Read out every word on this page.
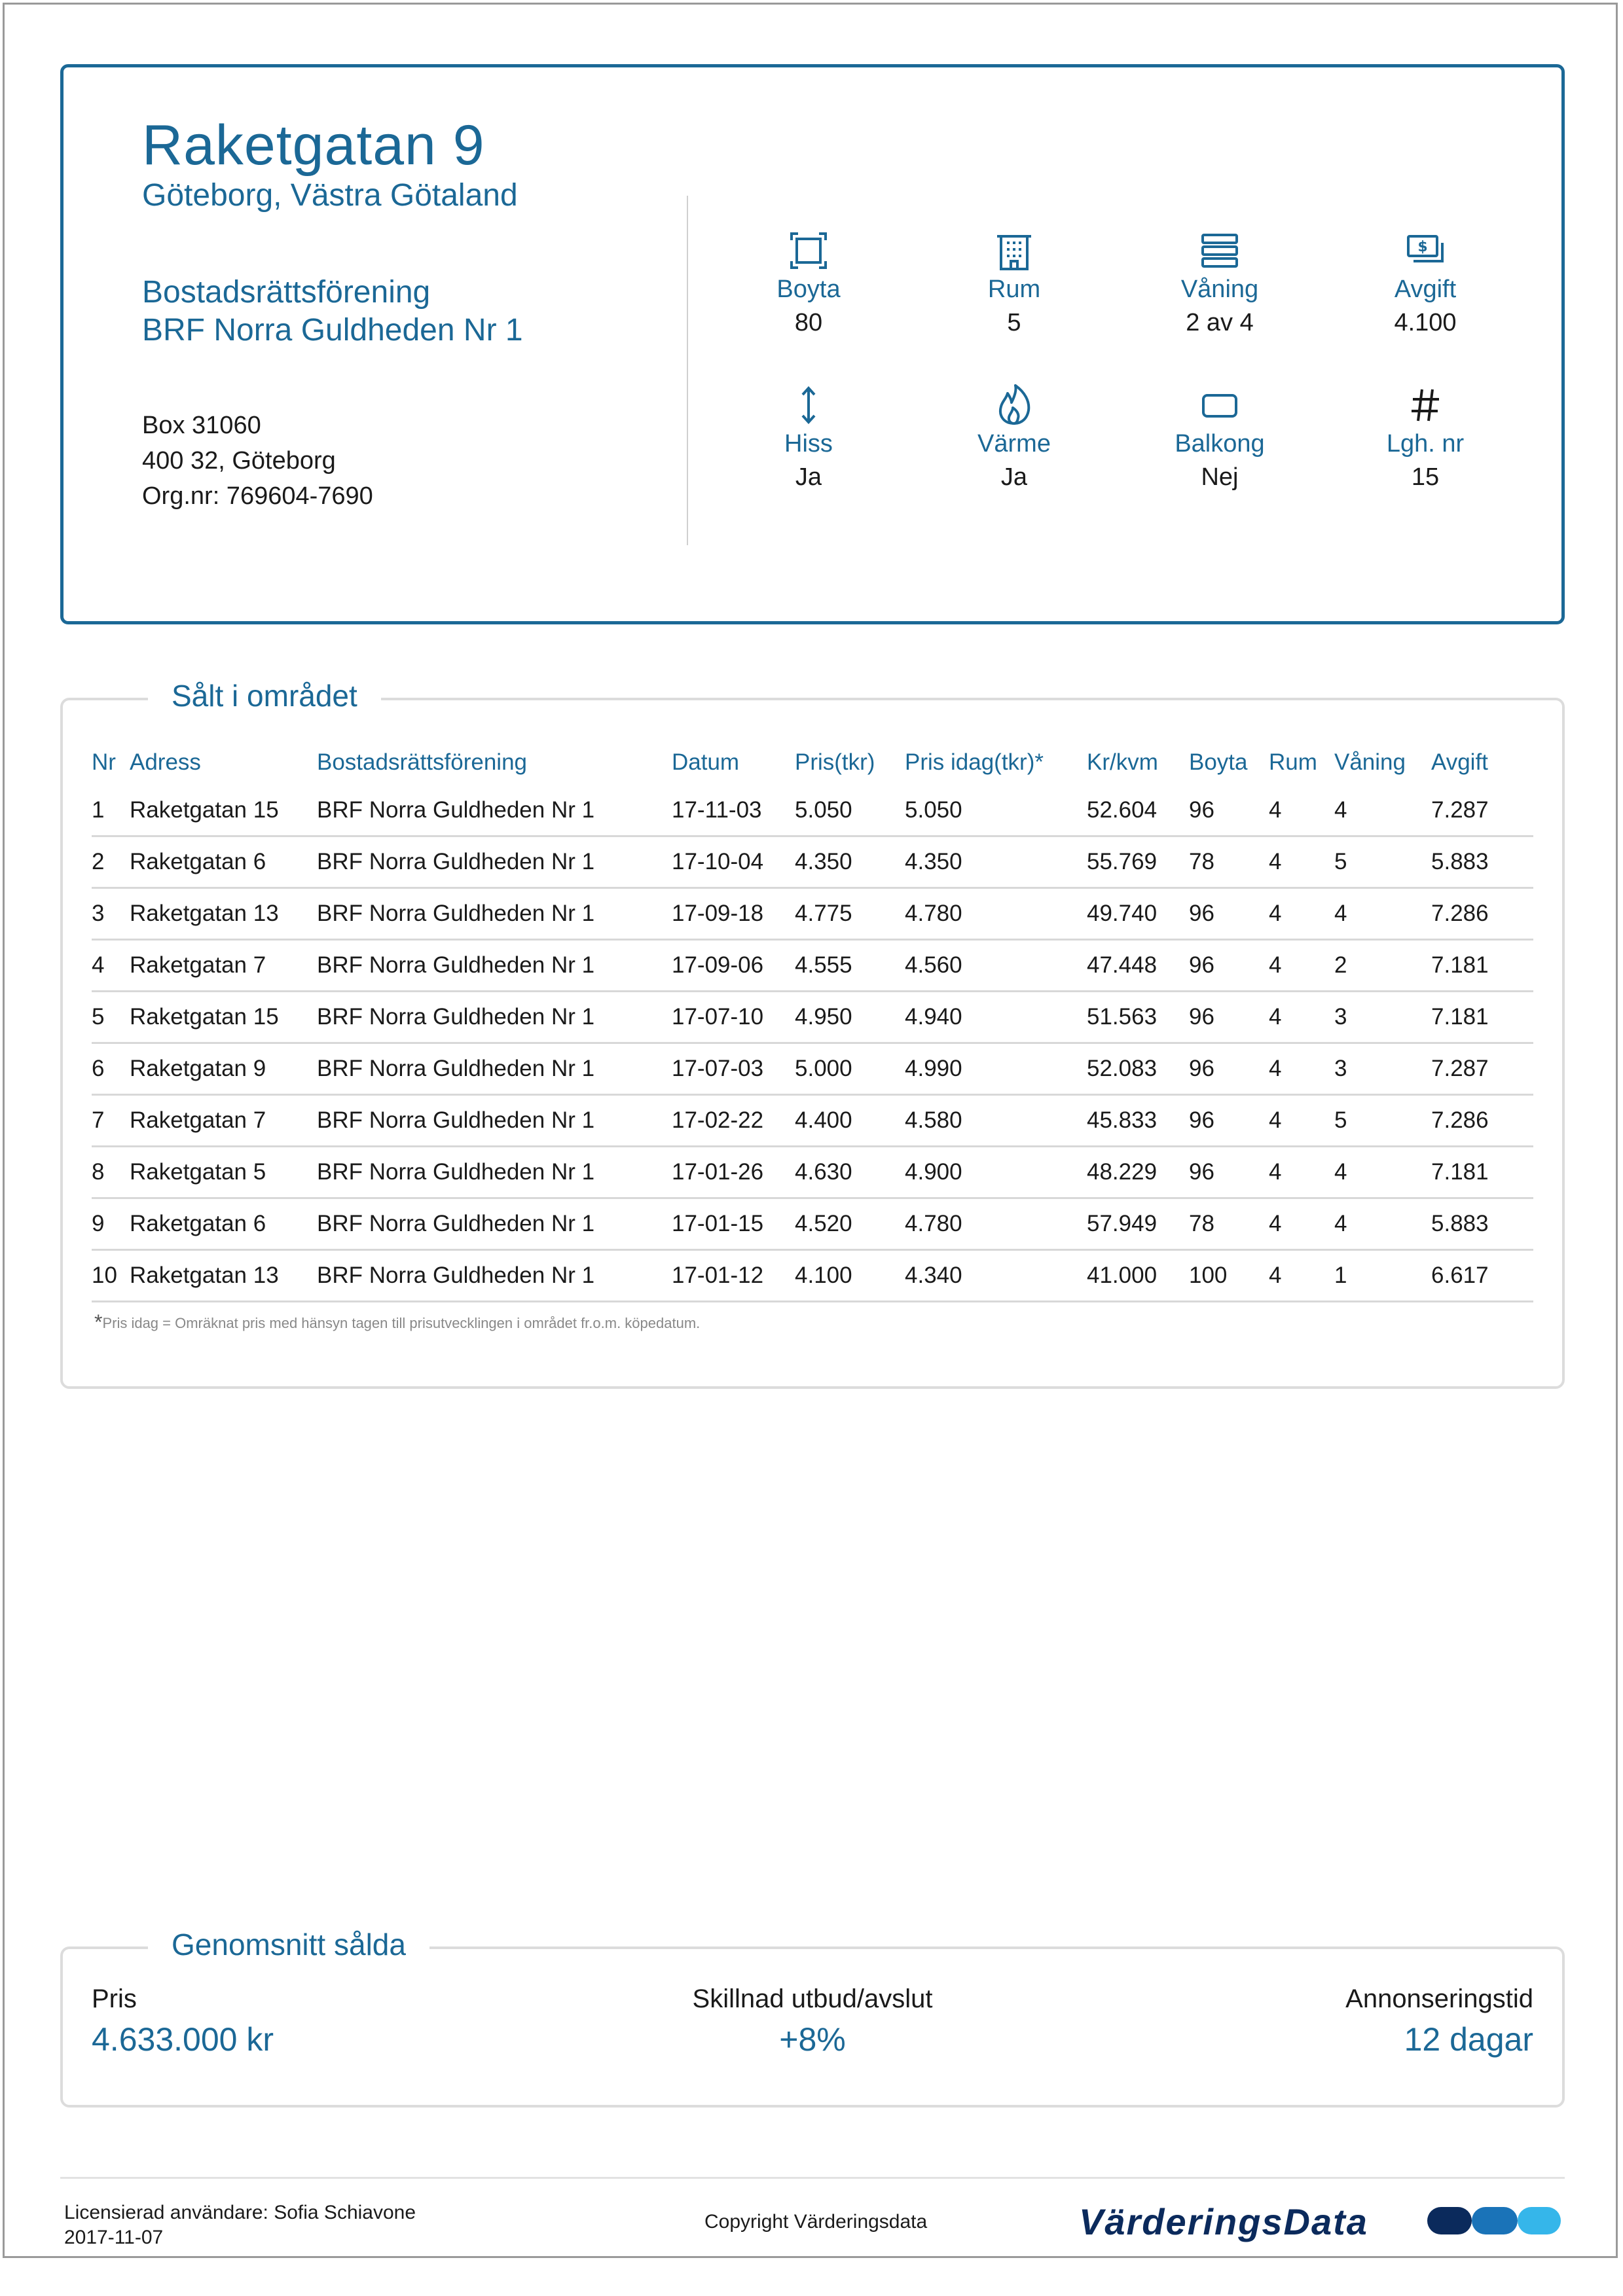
Raketgatan 9
Göteborg, Västra Götaland
Bostadsrättsförening
BRF Norra Guldheden Nr 1
Box 31060
400 32, Göteborg
Org.nr: 769604-7690
Boyta
80
Rum
5
Våning
2 av 4
$
Avgift
4.100
Hiss
Ja
Värme
Ja
Balkong
Nej
Lgh. nr
15
Sålt i området
Nr	Adress	Bostadsrättsförening	Datum	Pris(tkr)	Pris idag(tkr)*	Kr/kvm	Boyta	Rum	Våning	Avgift
1	Raketgatan 15	BRF Norra Guldheden Nr 1	17-11-03	5.050	5.050	52.604	96	4	4	7.287
2	Raketgatan 6	BRF Norra Guldheden Nr 1	17-10-04	4.350	4.350	55.769	78	4	5	5.883
3	Raketgatan 13	BRF Norra Guldheden Nr 1	17-09-18	4.775	4.780	49.740	96	4	4	7.286
4	Raketgatan 7	BRF Norra Guldheden Nr 1	17-09-06	4.555	4.560	47.448	96	4	2	7.181
5	Raketgatan 15	BRF Norra Guldheden Nr 1	17-07-10	4.950	4.940	51.563	96	4	3	7.181
6	Raketgatan 9	BRF Norra Guldheden Nr 1	17-07-03	5.000	4.990	52.083	96	4	3	7.287
7	Raketgatan 7	BRF Norra Guldheden Nr 1	17-02-22	4.400	4.580	45.833	96	4	5	7.286
8	Raketgatan 5	BRF Norra Guldheden Nr 1	17-01-26	4.630	4.900	48.229	96	4	4	7.181
9	Raketgatan 6	BRF Norra Guldheden Nr 1	17-01-15	4.520	4.780	57.949	78	4	4	5.883
10	Raketgatan 13	BRF Norra Guldheden Nr 1	17-01-12	4.100	4.340	41.000	100	4	1	6.617
*Pris idag = Omräknat pris med hänsyn tagen till prisutvecklingen i området fr.o.m. köpedatum.
Genomsnitt sålda
Pris
4.633.000 kr
Skillnad utbud/avslut
+8%
Annonseringstid
12 dagar
Licensierad användare: Sofia Schiavone
2017-11-07
Copyright Värderingsdata	VärderingsData
